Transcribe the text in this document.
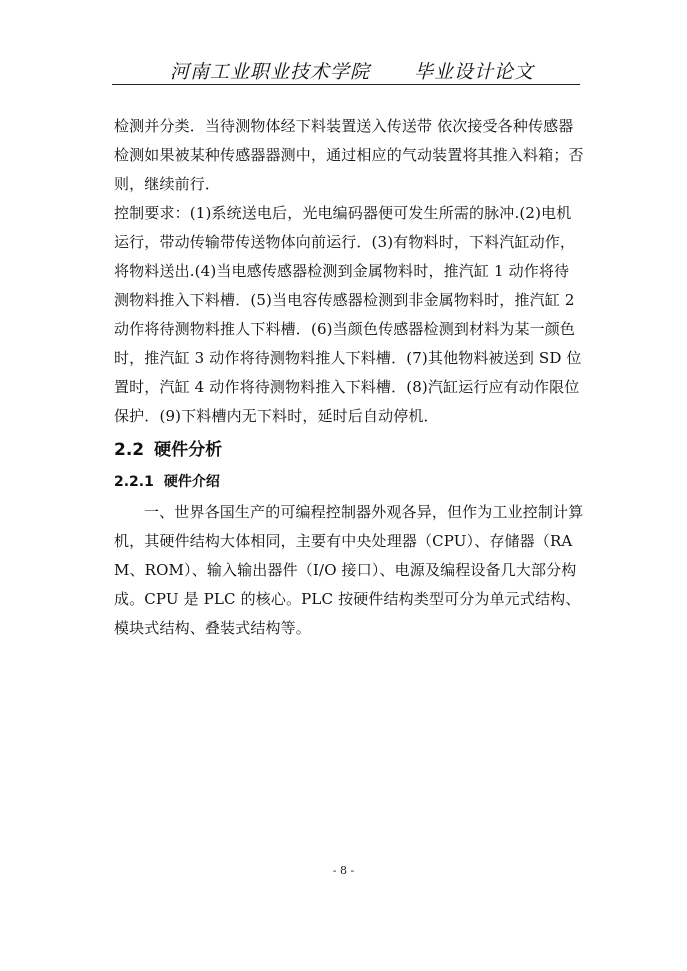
河南工业职业技术学院 毕业设计论文

检测并分类．当待测物体经下料装置送入传送带 依次接受各种传感器检测如果被某种传感器器测中，通过相应的气动装置将其推入料箱；否则，继续前行．

控制要求：(1)系统送电后，光电编码器便可发生所需的脉冲.(2)电机运行，带动传输带传送物体向前运行．(3)有物料时，下料汽缸动作，将物料送出.(4)当电感传感器检测到金属物料时，推汽缸 1 动作将待测物料推入下料槽．(5)当电容传感器检测到非金属物料时，推汽缸 2 动作将待测物料推人下料槽．(6)当颜色传感器检测到材料为某一颜色时，推汽缸 3 动作将待测物料推人下料槽．(7)其他物料被送到 SD 位置时，汽缸 4 动作将待测物料推入下料槽．(8)汽缸运行应有动作限位保护．(9)下料槽内无下料时，延时后自动停机．

2.2 硬件分析
2.2.1 硬件介绍

一、世界各国生产的可编程控制器外观各异，但作为工业控制计算机，其硬件结构大体相同，主要有中央处理器（CPU）、存储器（RAM、ROM）、输入输出器件（I/O 接口）、电源及编程设备几大部分构成。CPU 是 PLC 的核心。PLC 按硬件结构类型可分为单元式结构、模块式结构、叠装式结构等。

- 8 -
